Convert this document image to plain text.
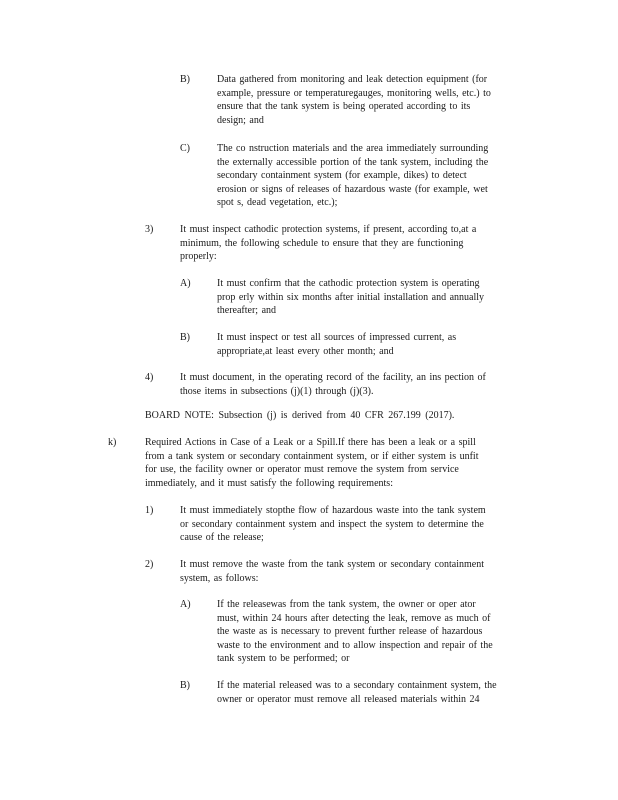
B)	Data gathered from monitoring and leak detection equipment (for
example, pressure or temperaturegauges, monitoring wells, etc.) to
ensure that the tank system is being operated according to its
design; and
C)	The co nstruction materials and the area immediately surrounding
the externally accessible portion of the tank system, including the
secondary containment system (for example, dikes) to detect
erosion or signs of releases of hazardous waste (for example, wet
spot s, dead vegetation, etc.);
3)	It must inspect cathodic protection systems, if present, according to,at a
minimum, the following schedule to ensure that they are functioning
properly:
A)	It must confirm that the cathodic protection system is operating
prop erly within six months after initial installation and annually
thereafter; and
B)	It must inspect or test all sources of impressed current, as
appropriate,at least every other month; and
4)	It must document, in the operating record of the facility, an ins pection of
those items in subsections (j)(1) through (j)(3).
BOARD NOTE: Subsection (j) is derived from 40 CFR 267.199 (2017).
k)	Required Actions in Case of a Leak or a Spill.If there has been a leak or a spill
from a tank system or secondary containment system, or if either system is unfit
for use, the facility owner or operator must remove the system from service
immediately, and it must satisfy the following requirements:
1)	It must immediately stopthe flow of hazardous waste into the tank system
or secondary containment system and inspect the system to determine the
cause of the release;
2)	It must remove the waste from the tank system or secondary containment
system, as follows:
A)	If the releasewas from the tank system, the owner or oper ator
must, within 24 hours after detecting the leak, remove as much of
the waste as is necessary to prevent further release of hazardous
waste to the environment and to allow inspection and repair of the
tank system to be performed; or
B)	If the material released was to a secondary containment system, the
owner or operator must remove all released materials within 24
